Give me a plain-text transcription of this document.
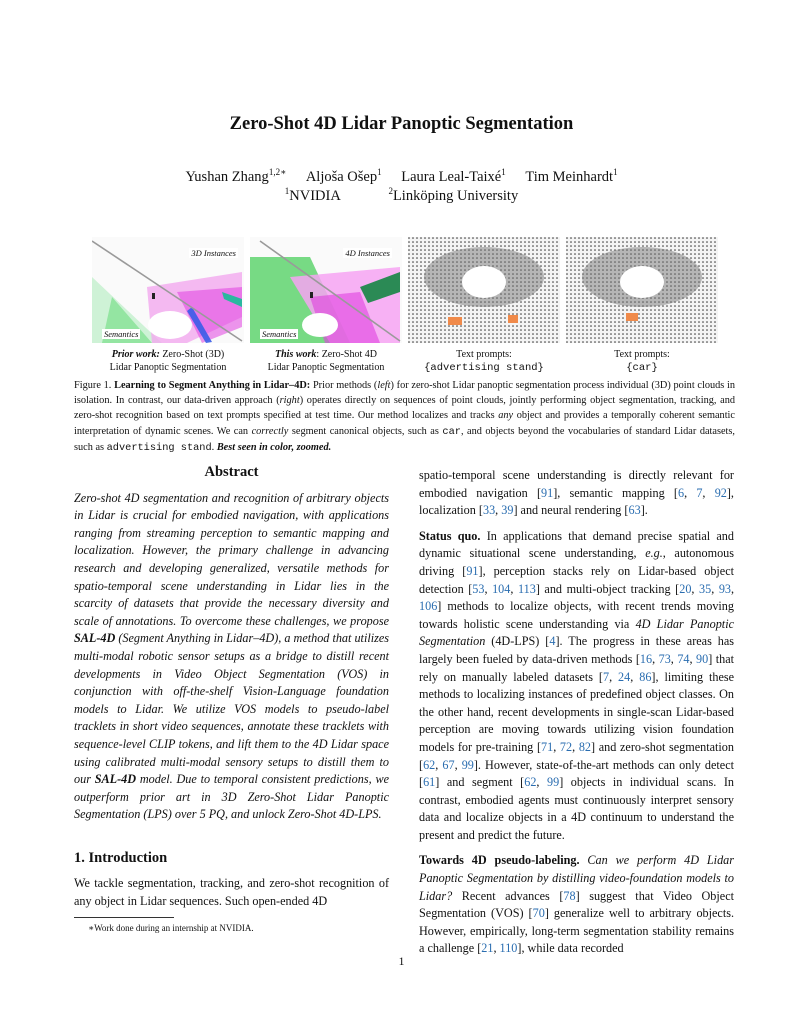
Zero-Shot 4D Lidar Panoptic Segmentation
Yushan Zhang$^{1,2∗}$ Aljoša Ošep$^1$ Laura Leal-Taixé$^1$ Tim Meinhardt$^1$
$^1$NVIDIA	$^2$Linköping University
3D Instances
Semantics
4D Instances
Semantics
Prior work: Zero-Shot (3D)
Lidar Panoptic Segmentation
This work: Zero-Shot 4D
Lidar Panoptic Segmentation
Text prompts:
{advertising stand}
Text prompts:
{car}
Figure 1. Learning to Segment Anything in Lidar–4D: Prior methods (left) for zero-shot Lidar panoptic segmentation process individual (3D) point clouds in isolation. In contrast, our data-driven approach (right) operates directly on sequences of point clouds, jointly performing object segmentation, tracking, and zero-shot recognition based on text prompts specified at test time. Our method localizes and tracks any object and provides a temporally coherent semantic interpretation of dynamic scenes. We can correctly segment canonical objects, such as car, and objects beyond the vocabularies of standard Lidar datasets, such as advertising stand. Best seen in color, zoomed.
Abstract

Zero-shot 4D segmentation and recognition of arbitrary objects in Lidar is crucial for embodied navigation, with applications ranging from streaming perception to semantic mapping and localization. However, the primary challenge in advancing research and developing generalized, versatile methods for spatio-temporal scene understanding in Lidar lies in the scarcity of datasets that provide the necessary diversity and scale of annotations. To overcome these challenges, we propose SAL-4D (Segment Anything in Lidar–4D), a method that utilizes multi-modal robotic sensor setups as a bridge to distill recent developments in Video Object Segmentation (VOS) in conjunction with off-the-shelf Vision-Language foundation models to Lidar. We utilize VOS models to pseudo-label tracklets in short video sequences, annotate these tracklets with sequence-level CLIP tokens, and lift them to the 4D Lidar space using calibrated multi-modal sensory setups to distill them to our SAL-4D model. Due to temporal consistent predictions, we outperform prior art in 3D Zero-Shot Lidar Panoptic Segmentation (LPS) over 5 PQ, and unlock Zero-Shot 4D-LPS.

1. Introduction

We tackle segmentation, tracking, and zero-shot recognition of any object in Lidar sequences. Such open-ended 4D

∗Work done during an internship at NVIDIA.

spatio-temporal scene understanding is directly relevant for embodied navigation [91], semantic mapping [6, 7, 92], localization [33, 39] and neural rendering [63].

Status quo. In applications that demand precise spatial and dynamic situational scene understanding, e.g., autonomous driving [91], perception stacks rely on Lidar-based object detection [53, 104, 113] and multi-object tracking [20, 35, 93, 106] methods to localize objects, with recent trends moving towards holistic scene understanding via 4D Lidar Panoptic Segmentation (4D-LPS) [4]. The progress in these areas has largely been fueled by data-driven methods [16, 73, 74, 90] that rely on manually labeled datasets [7, 24, 86], limiting these methods to localizing instances of predefined object classes. On the other hand, recent developments in single-scan Lidar-based perception are moving towards utilizing vision foundation models for pre-training [71, 72, 82] and zero-shot segmentation [62, 67, 99]. However, state-of-the-art methods can only detect [61] and segment [62, 99] objects in individual scans. In contrast, embodied agents must continuously interpret sensory data and localize objects in a 4D continuum to understand the present and predict the future.

Towards 4D pseudo-labeling. Can we perform 4D Lidar Panoptic Segmentation by distilling video-foundation models to Lidar? Recent advances [78] suggest that Video Object Segmentation (VOS) [70] generalize well to arbitrary objects. However, empirically, long-term segmentation stability remains a challenge [21, 110], while data recorded

1
